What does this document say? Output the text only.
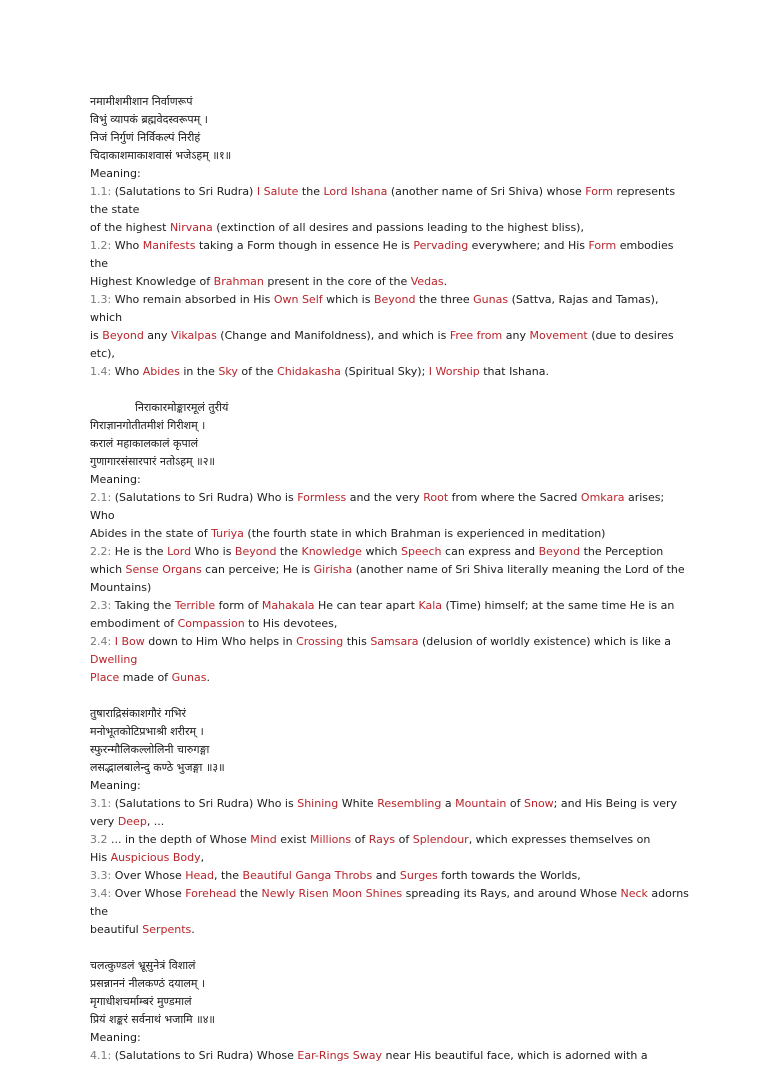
नमामीशमीशान निर्वाणरूपं
विभुं व्यापकं ब्रह्मवेदस्वरूपम् ।
निजं निर्गुणं निर्विकल्पं निरीहं
चिदाकाशमाकाशवासं भजेऽहम् ॥१॥
Meaning:
1.1: (Salutations to Sri Rudra) I Salute the Lord Ishana (another name of Sri Shiva) whose Form represents the state
of the highest Nirvana (extinction of all desires and passions leading to the highest bliss),
1.2: Who Manifests taking a Form though in essence He is Pervading everywhere; and His Form embodies the
Highest Knowledge of Brahman present in the core of the Vedas.
1.3: Who remain absorbed in His Own Self which is Beyond the three Gunas (Sattva, Rajas and Tamas), which
is Beyond any Vikalpas (Change and Manifoldness), and which is Free from any Movement (due to desires etc),
1.4: Who Abides in the Sky of the Chidakasha (Spiritual Sky); I Worship that Ishana.
निराकारमोङ्कारमूलं तुरीयं
गिराज्ञानगोतीतमीशं गिरीशम् ।
करालं महाकालकालं कृपालं
गुणागारसंसारपारं नतोऽहम् ॥२॥
Meaning:
2.1: (Salutations to Sri Rudra) Who is Formless and the very Root from where the Sacred Omkara arises; Who
Abides in the state of Turiya (the fourth state in which Brahman is experienced in meditation)
2.2: He is the Lord Who is Beyond the Knowledge which Speech can express and Beyond the Perception
which Sense Organs can perceive; He is Girisha (another name of Sri Shiva literally meaning the Lord of the
Mountains)
2.3: Taking the Terrible form of Mahakala He can tear apart Kala (Time) himself; at the same time He is an
embodiment of Compassion to His devotees,
2.4: I Bow down to Him Who helps in Crossing this Samsara (delusion of worldly existence) which is like a Dwelling
Place made of Gunas.
तुषाराद्रिसंकाशगौरं गभिरं
मनोभूतकोटिप्रभाश्री शरीरम् ।
स्फुरन्मौलिकल्लोलिनी चारुगङ्गा
लसद्भालबालेन्दु कण्ठे भुजङ्गा ॥३॥
Meaning:
3.1: (Salutations to Sri Rudra) Who is Shining White Resembling a Mountain of Snow; and His Being is very
very Deep, ...
3.2 ... in the depth of Whose Mind exist Millions of Rays of Splendour, which expresses themselves on
His Auspicious Body,
3.3: Over Whose Head, the Beautiful Ganga Throbs and Surges forth towards the Worlds,
3.4: Over Whose Forehead the Newly Risen Moon Shines spreading its Rays, and around Whose Neck adorns the
beautiful Serpents.
चलत्कुण्डलं भ्रूसुनेत्रं विशालं
प्रसन्नाननं नीलकण्ठं दयालम् ।
मृगाधीशचर्माम्बरं मुण्डमालं
प्रियं शङ्करं सर्वनाथं भजामि ॥४॥
Meaning:
4.1: (Salutations to Sri Rudra) Whose Ear-Rings Sway near His beautiful face, which is adorned with a
